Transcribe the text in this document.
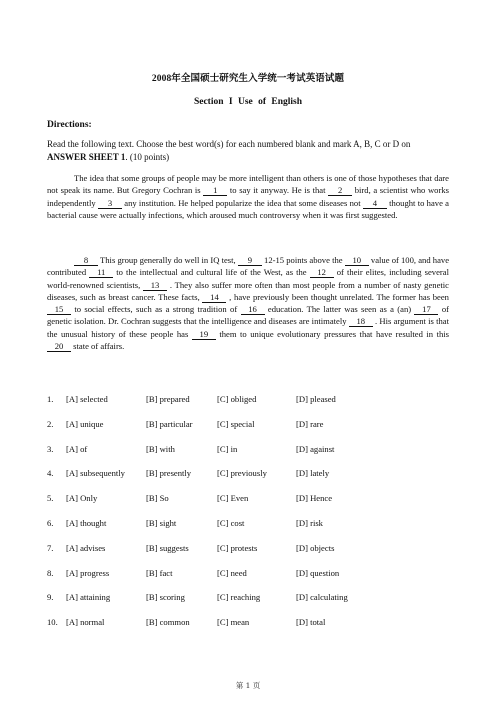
2008年全国硕士研究生入学统一考试英语试题
Section I Use of English
Directions:
Read the following text. Choose the best word(s) for each numbered blank and mark A, B, C or D on ANSWER SHEET 1. (10 points)

The idea that some groups of people may be more intelligent than others is one of those hypotheses that dare not speak its name. But Gregory Cochran is 1 to say it anyway. He is that 2 bird, a scientist who works independently 3 any institution. He helped popularize the idea that some diseases not 4 thought to have a bacterial cause were actually infections, which aroused much controversy when it was first suggested.

8 This group generally do well in IQ test, 9 12-15 points above the 10 value of 100, and have contributed 11 to the intellectual and cultural life of the West, as the 12 of their elites, including several world-renowned scientists, 13 . They also suffer more often than most people from a number of nasty genetic diseases, such as breast cancer. These facts, 14 , have previously been thought unrelated. The former has been 15 to social effects, such as a strong tradition of 16 education. The latter was seen as a (an) 17 of genetic isolation. Dr. Cochran suggests that the intelligence and diseases are intimately 18 . His argument is that the unusual history of these people has 19 them to unique evolutionary pressures that have resulted in this 20 state of affairs.

1. [A] selected	[B] prepared	[C] obliged	[D] pleased
2. [A] unique	[B] particular	[C] special	[D] rare
3. [A] of	[B] with	[C] in	[D] against
4. [A] subsequently [B] presently	[C] previously	[D] lately
5. [A] Only	[B] So	[C] Even	[D] Hence
6. [A] thought	[B] sight	[C] cost	[D] risk
7. [A] advises	[B] suggests	[C] protests	[D] objects
8. [A] progress	[B] fact	[C] need	[D] question
9. [A] attaining	[B] scoring	[C] reaching	[D] calculating
10. [A] normal	[B] common	[C] mean	[D] total
第 1 页
